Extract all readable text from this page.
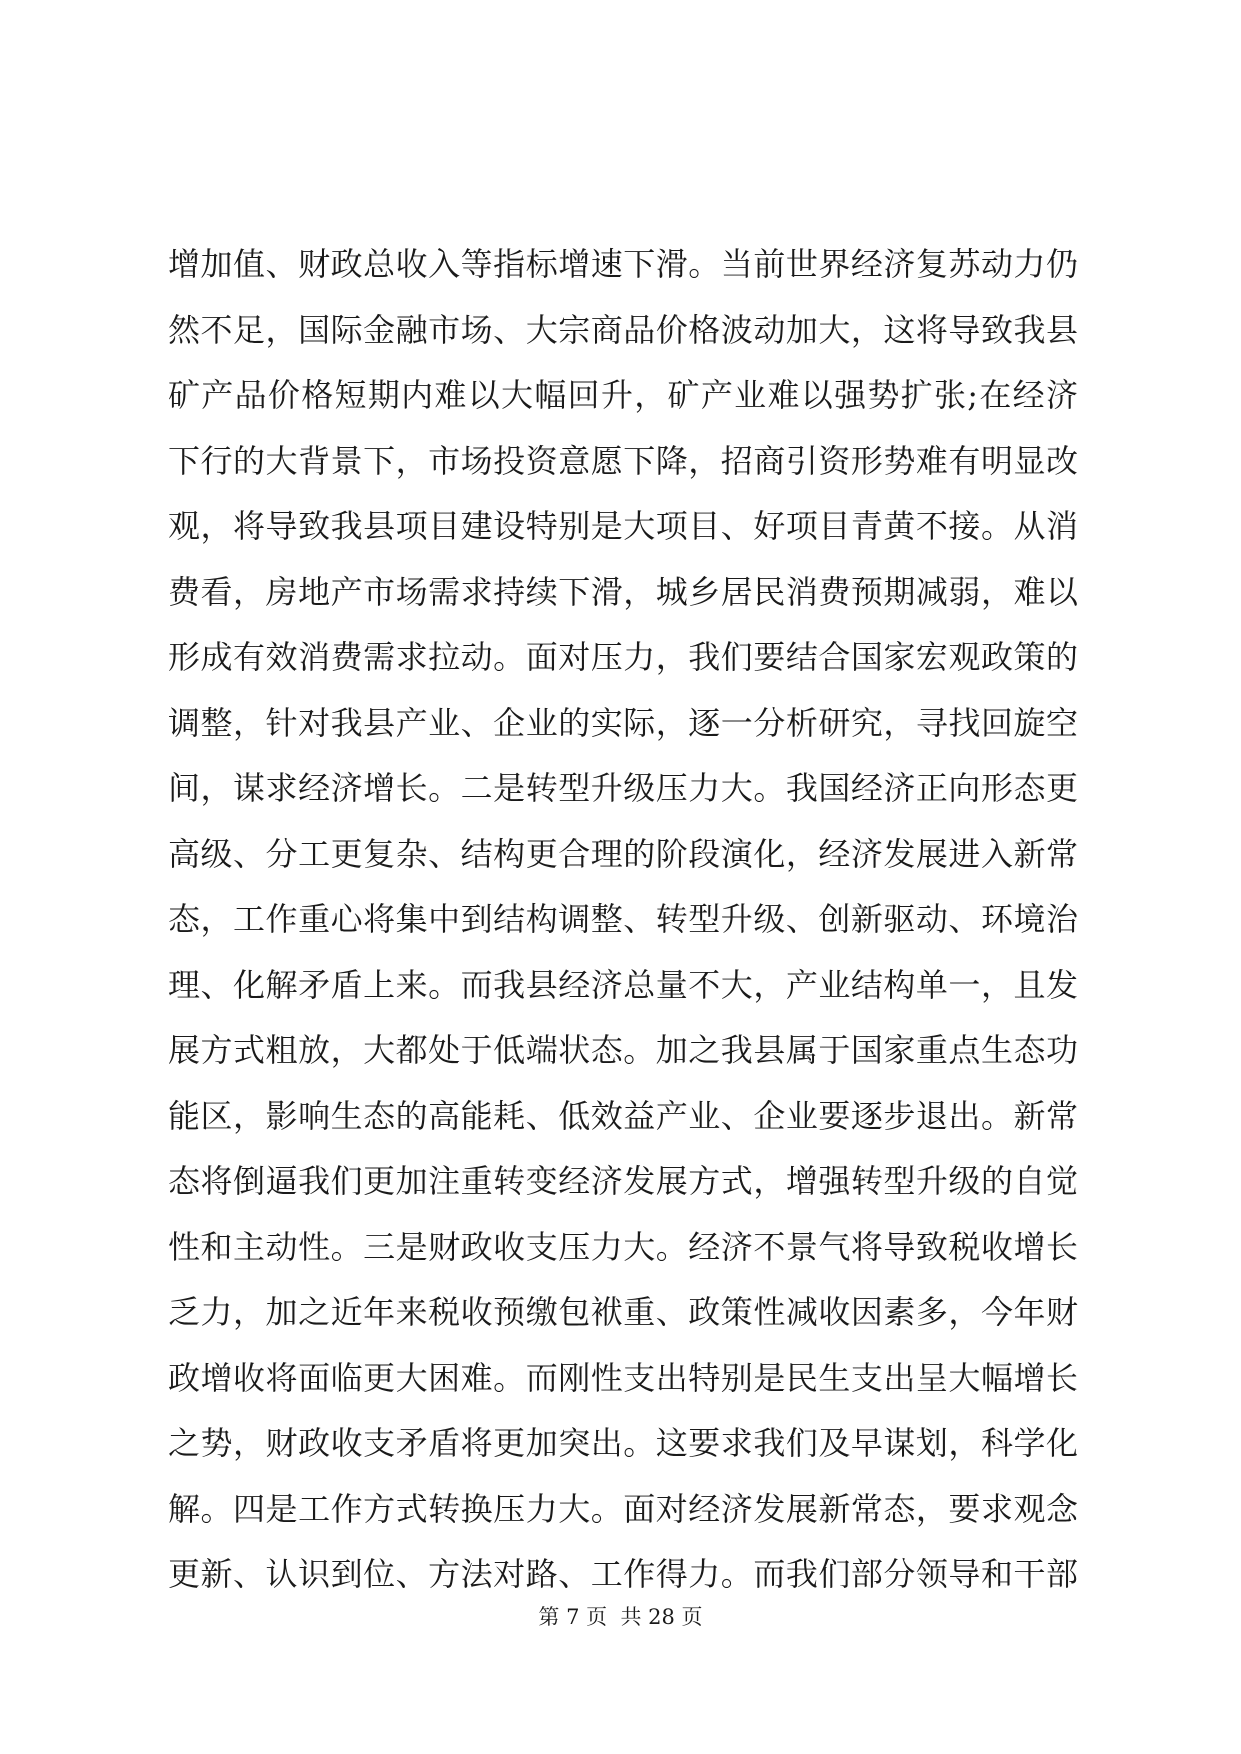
增加值、财政总收入等指标增速下滑。当前世界经济复苏动力仍
然不足，国际金融市场、大宗商品价格波动加大，这将导致我县
矿产品价格短期内难以大幅回升，矿产业难以强势扩张;在经济
下行的大背景下，市场投资意愿下降，招商引资形势难有明显改
观，将导致我县项目建设特别是大项目、好项目青黄不接。从消
费看，房地产市场需求持续下滑，城乡居民消费预期减弱，难以
形成有效消费需求拉动。面对压力，我们要结合国家宏观政策的
调整，针对我县产业、企业的实际，逐一分析研究，寻找回旋空
间，谋求经济增长。二是转型升级压力大。我国经济正向形态更
高级、分工更复杂、结构更合理的阶段演化，经济发展进入新常
态，工作重心将集中到结构调整、转型升级、创新驱动、环境治
理、化解矛盾上来。而我县经济总量不大，产业结构单一，且发
展方式粗放，大都处于低端状态。加之我县属于国家重点生态功
能区，影响生态的高能耗、低效益产业、企业要逐步退出。新常
态将倒逼我们更加注重转变经济发展方式，增强转型升级的自觉
性和主动性。三是财政收支压力大。经济不景气将导致税收增长
乏力，加之近年来税收预缴包袱重、政策性减收因素多，今年财
政增收将面临更大困难。而刚性支出特别是民生支出呈大幅增长
之势，财政收支矛盾将更加突出。这要求我们及早谋划，科学化
解。四是工作方式转换压力大。面对经济发展新常态，要求观念
更新、认识到位、方法对路、工作得力。而我们部分领导和干部
第 7 页  共 28 页
